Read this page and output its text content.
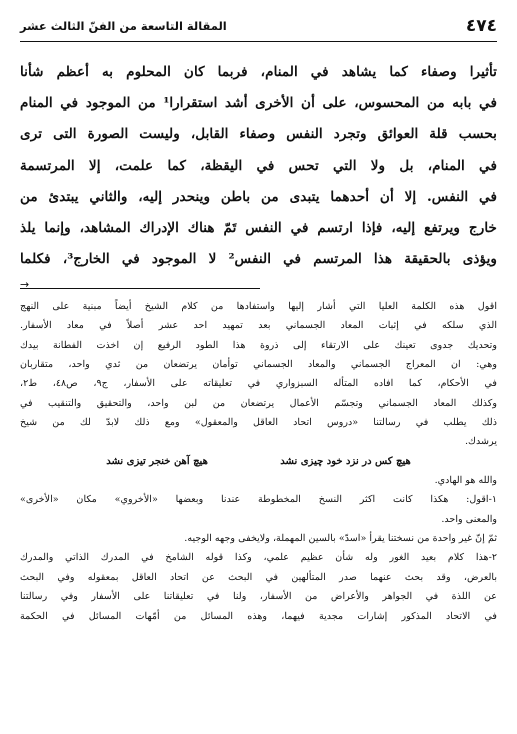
٤٧٤
المقالة التاسعة من الفنّ الثالث عشر

تأثيرا وصفاء كما يشاهد في المنام، فربما كان المحلوم به أعظم شأنا

في بابه من المحسوس، على أن الأخرى أشد استقرارا¹ من الموجود في المنام

بحسب قلة العوائق وتجرد النفس وصفاء القابل، وليست الصورة التى ترى

في المنام، بل ولا التي تحس في اليقظة، كما علمت، إلا المرتسمة

في النفس. إلا أن أحدهما يتبدى من باطن وينحدر إليه، والثاني يبتدئ من

خارج ويرتفع إليه، فإذا ارتسم في النفس تَمّ هناك الإدراك المشاهد، وإنما يلذ

ويؤذى بالحقيقة هذا المرتسم في النفس² لا الموجود في الخارج³، فكلما

→
اقول هذه الكلمة العليا التي أشار إليها واستفادها من كلام الشيخ أيضاً مبنية على النهج
الذي سلكه في إثبات المعاد الجسماني بعد تمهيد احد عشر أصلاً في معاد الأسفار.
وتحديك جدوى تعينك على الارتقاء إلى ذروة هذا الطود الرفيع إن اخذت الفطانة بيدك
وهي: ان المعراج الجسماني والمعاد الجسماني توأمان يرتضعان من ثدي واحد، متقاربان
في الأحكام، كما افاده المتأله السبزواري في تعليقاته على الأسفار، ج٩، ص٤٨، ط٢،
وكذلك المعاد الجسماني وتجسّم الأعمال يرتضعان من لبن واحد، والتحقيق والتنقيب في
ذلك يطلب في رسالتنا «دروس اتحاد العاقل والمعقول» ومع ذلك لابدّ لك من شيخ
يرشدك.
هيچ كس در نزد خود چيزى نشد
هيچ آهن خنجر تيزى نشد
والله هو الهادي.
١-اقول: هكذا كانت اكثر النسخ المخطوطة عندنا وبعضها «الأخروي» مكان «الأخرى»
والمعنى واحد.
ثمّ إنّ غير واحدة من نسختنا يقرأ «اسدّ» بالسين المهملة، ولايخفى وجهه الوجيه.
٢-هذا كلام بعيد الغور وله شأن عظيم علمي، وكذا قوله الشامخ في المدرك الذاتي والمدرك
بالعرض، وقد بحث عنهما صدر المتألهين في البحث عن اتحاد العاقل بمعقوله وفي البحث
عن اللذة في الجواهر والأعراض من الأسفار، ولنا في تعليقاتنا على الأسفار وفي رسالتنا
في الاتحاد المذكور إشارات مجدية فيهما، وهذه المسائل من أمّهات المسائل في الحكمة
